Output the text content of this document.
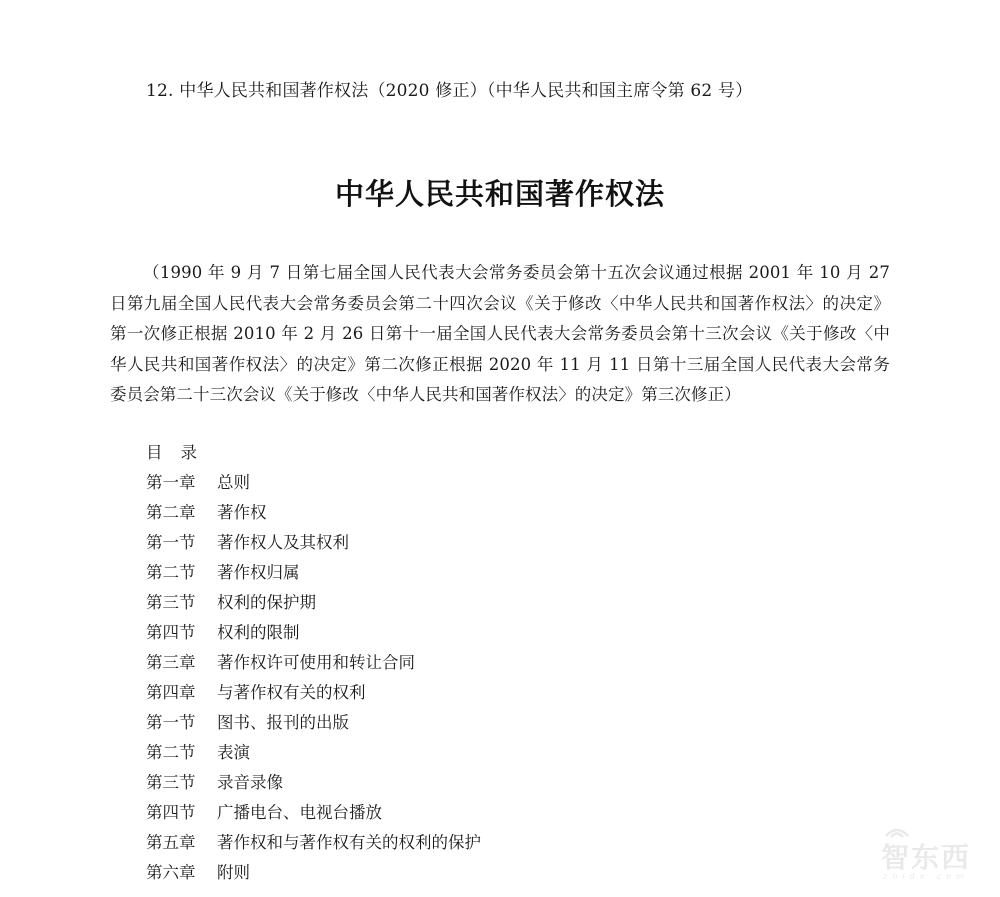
12. 中华人民共和国著作权法（2020 修正）（中华人民共和国主席令第 62 号）
中华人民共和国著作权法
（1990 年 9 月 7 日第七届全国人民代表大会常务委员会第十五次会议通过根据 2001 年 10 月 27 日第九届全国人民代表大会常务委员会第二十四次会议《关于修改〈中华人民共和国著作权法〉的决定》第一次修正根据 2010 年 2 月 26 日第十一届全国人民代表大会常务委员会第十三次会议《关于修改〈中华人民共和国著作权法〉的决定》第二次修正根据 2020 年 11 月 11 日第十三届全国人民代表大会常务委员会第二十三次会议《关于修改〈中华人民共和国著作权法〉的决定》第三次修正）
目录
第一章	总则
第二章	著作权
第一节	著作权人及其权利
第二节	著作权归属
第三节	权利的保护期
第四节	权利的限制
第三章	著作权许可使用和转让合同
第四章	与著作权有关的权利
第一节	图书、报刊的出版
第二节	表演
第三节	录音录像
第四节	广播电台、电视台播放
第五章	著作权和与著作权有关的权利的保护
第六章	附则	智东西
zhidx.com
